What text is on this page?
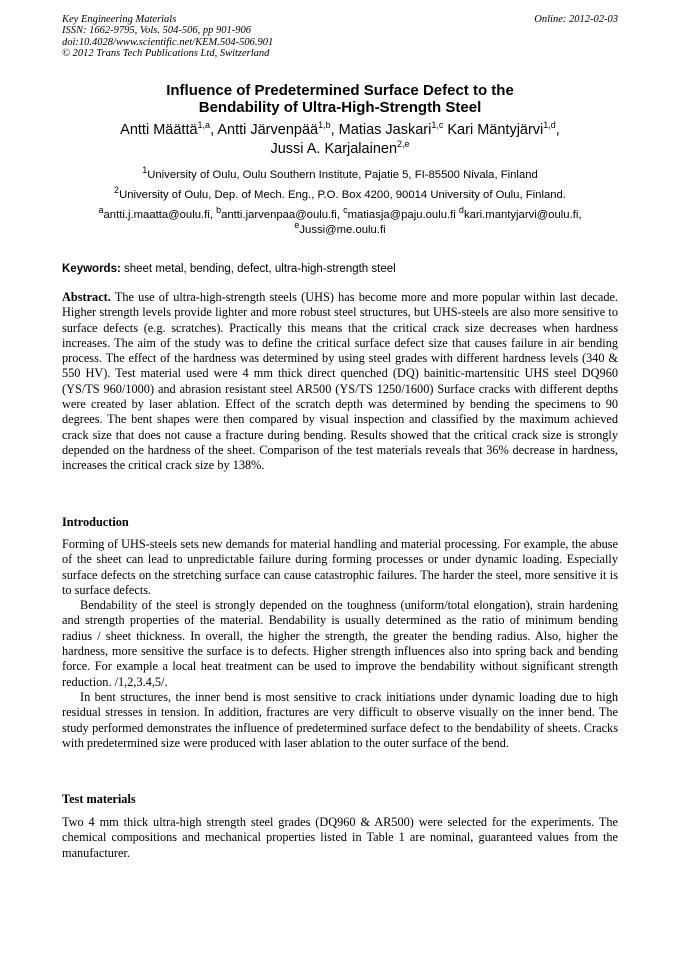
Key Engineering Materials
ISSN: 1662-9795, Vols. 504-506, pp 901-906
doi:10.4028/www.scientific.net/KEM.504-506.901
© 2012 Trans Tech Publications Ltd, Switzerland
Online: 2012-02-03
Influence of Predetermined Surface Defect to the
Bendability of Ultra-High-Strength Steel
Antti Määttä$^{1,a}$, Antti Järvenpää$^{1,b}$, Matias Jaskari$^{1,c}$ Kari Mäntyjärvi$^{1,d}$,
Jussi A. Karjalainen$^{2,e}$
$^1$University of Oulu, Oulu Southern Institute, Pajatie 5, FI-85500 Nivala, Finland
$^2$University of Oulu, Dep. of Mech. Eng., P.O. Box 4200, 90014 University of Oulu, Finland.
$^a$antti.j.maatta@oulu.fi, $^b$antti.jarvenpaa@oulu.fi, $^c$matiasja@paju.oulu.fi $^d$kari.mantyjarvi@oulu.fi,
$^e$Jussi@me.oulu.fi
Keywords: sheet metal, bending, defect, ultra-high-strength steel
Abstract. The use of ultra-high-strength steels (UHS) has become more and more popular within last decade. Higher strength levels provide lighter and more robust steel structures, but UHS-steels are also more sensitive to surface defects (e.g. scratches). Practically this means that the critical crack size decreases when hardness increases. The aim of the study was to define the critical surface defect size that causes failure in air bending process. The effect of the hardness was determined by using steel grades with different hardness levels (340 & 550 HV). Test material used were 4 mm thick direct quenched (DQ) bainitic-martensitic UHS steel DQ960 (YS/TS 960/1000) and abrasion resistant steel AR500 (YS/TS 1250/1600) Surface cracks with different depths were created by laser ablation. Effect of the scratch depth was determined by bending the specimens to 90 degrees. The bent shapes were then compared by visual inspection and classified by the maximum achieved crack size that does not cause a fracture during bending. Results showed that the critical crack size is strongly depended on the hardness of the sheet. Comparison of the test materials reveals that 36% decrease in hardness, increases the critical crack size by 138%.
Introduction

Forming of UHS-steels sets new demands for material handling and material processing. For example, the abuse of the sheet can lead to unpredictable failure during forming processes or under dynamic loading. Especially surface defects on the stretching surface can cause catastrophic failures. The harder the steel, more sensitive it is to surface defects.

Bendability of the steel is strongly depended on the toughness (uniform/total elongation), strain hardening and strength properties of the material. Bendability is usually determined as the ratio of minimum bending radius / sheet thickness. In overall, the higher the strength, the greater the bending radius. Also, higher the hardness, more sensitive the surface is to defects. Higher strength influences also into spring back and bending force. For example a local heat treatment can be used to improve the bendability without significant strength reduction. /1,2,3.4,5/.

In bent structures, the inner bend is most sensitive to crack initiations under dynamic loading due to high residual stresses in tension. In addition, fractures are very difficult to observe visually on the inner bend. The study performed demonstrates the influence of predetermined surface defect to the bendability of sheets. Cracks with predetermined size were produced with laser ablation to the outer surface of the bend.

Test materials
Two 4 mm thick ultra-high strength steel grades (DQ960 & AR500) were selected for the experiments. The chemical compositions and mechanical properties listed in Table 1 are nominal, guaranteed values from the manufacturer.
